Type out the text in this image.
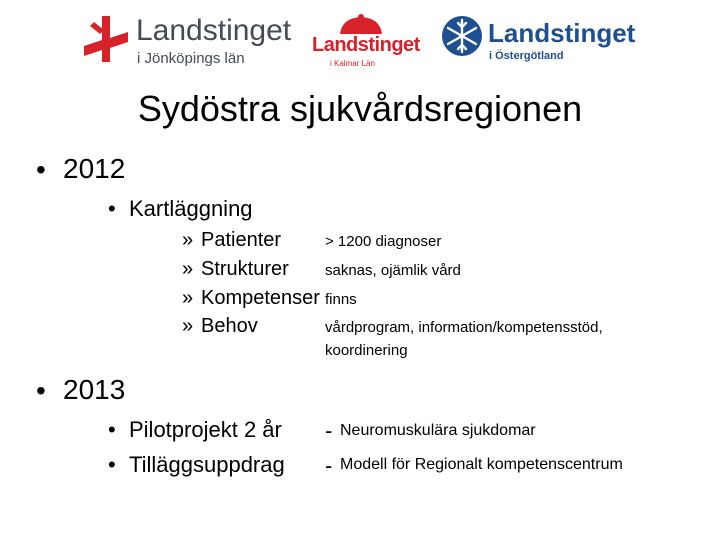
Landstinget
i Jönköpings län
Landstinget
i Kalmar Län
Landstinget
i Östergötland
Sydöstra sjukvårdsregionen
• 2012
• Kartläggning
» Patienter	> 1200 diagnoser
» Strukturer saknas, ojämlik vård
» Kompetenser finns
» Behov	vårdprogram, information/kompetensstöd,
koordinering
• 2013
• Pilotprojekt 2 år - Neuromuskulära sjukdomar
• Tilläggsuppdrag - Modell för Regionalt kompetenscentrum
